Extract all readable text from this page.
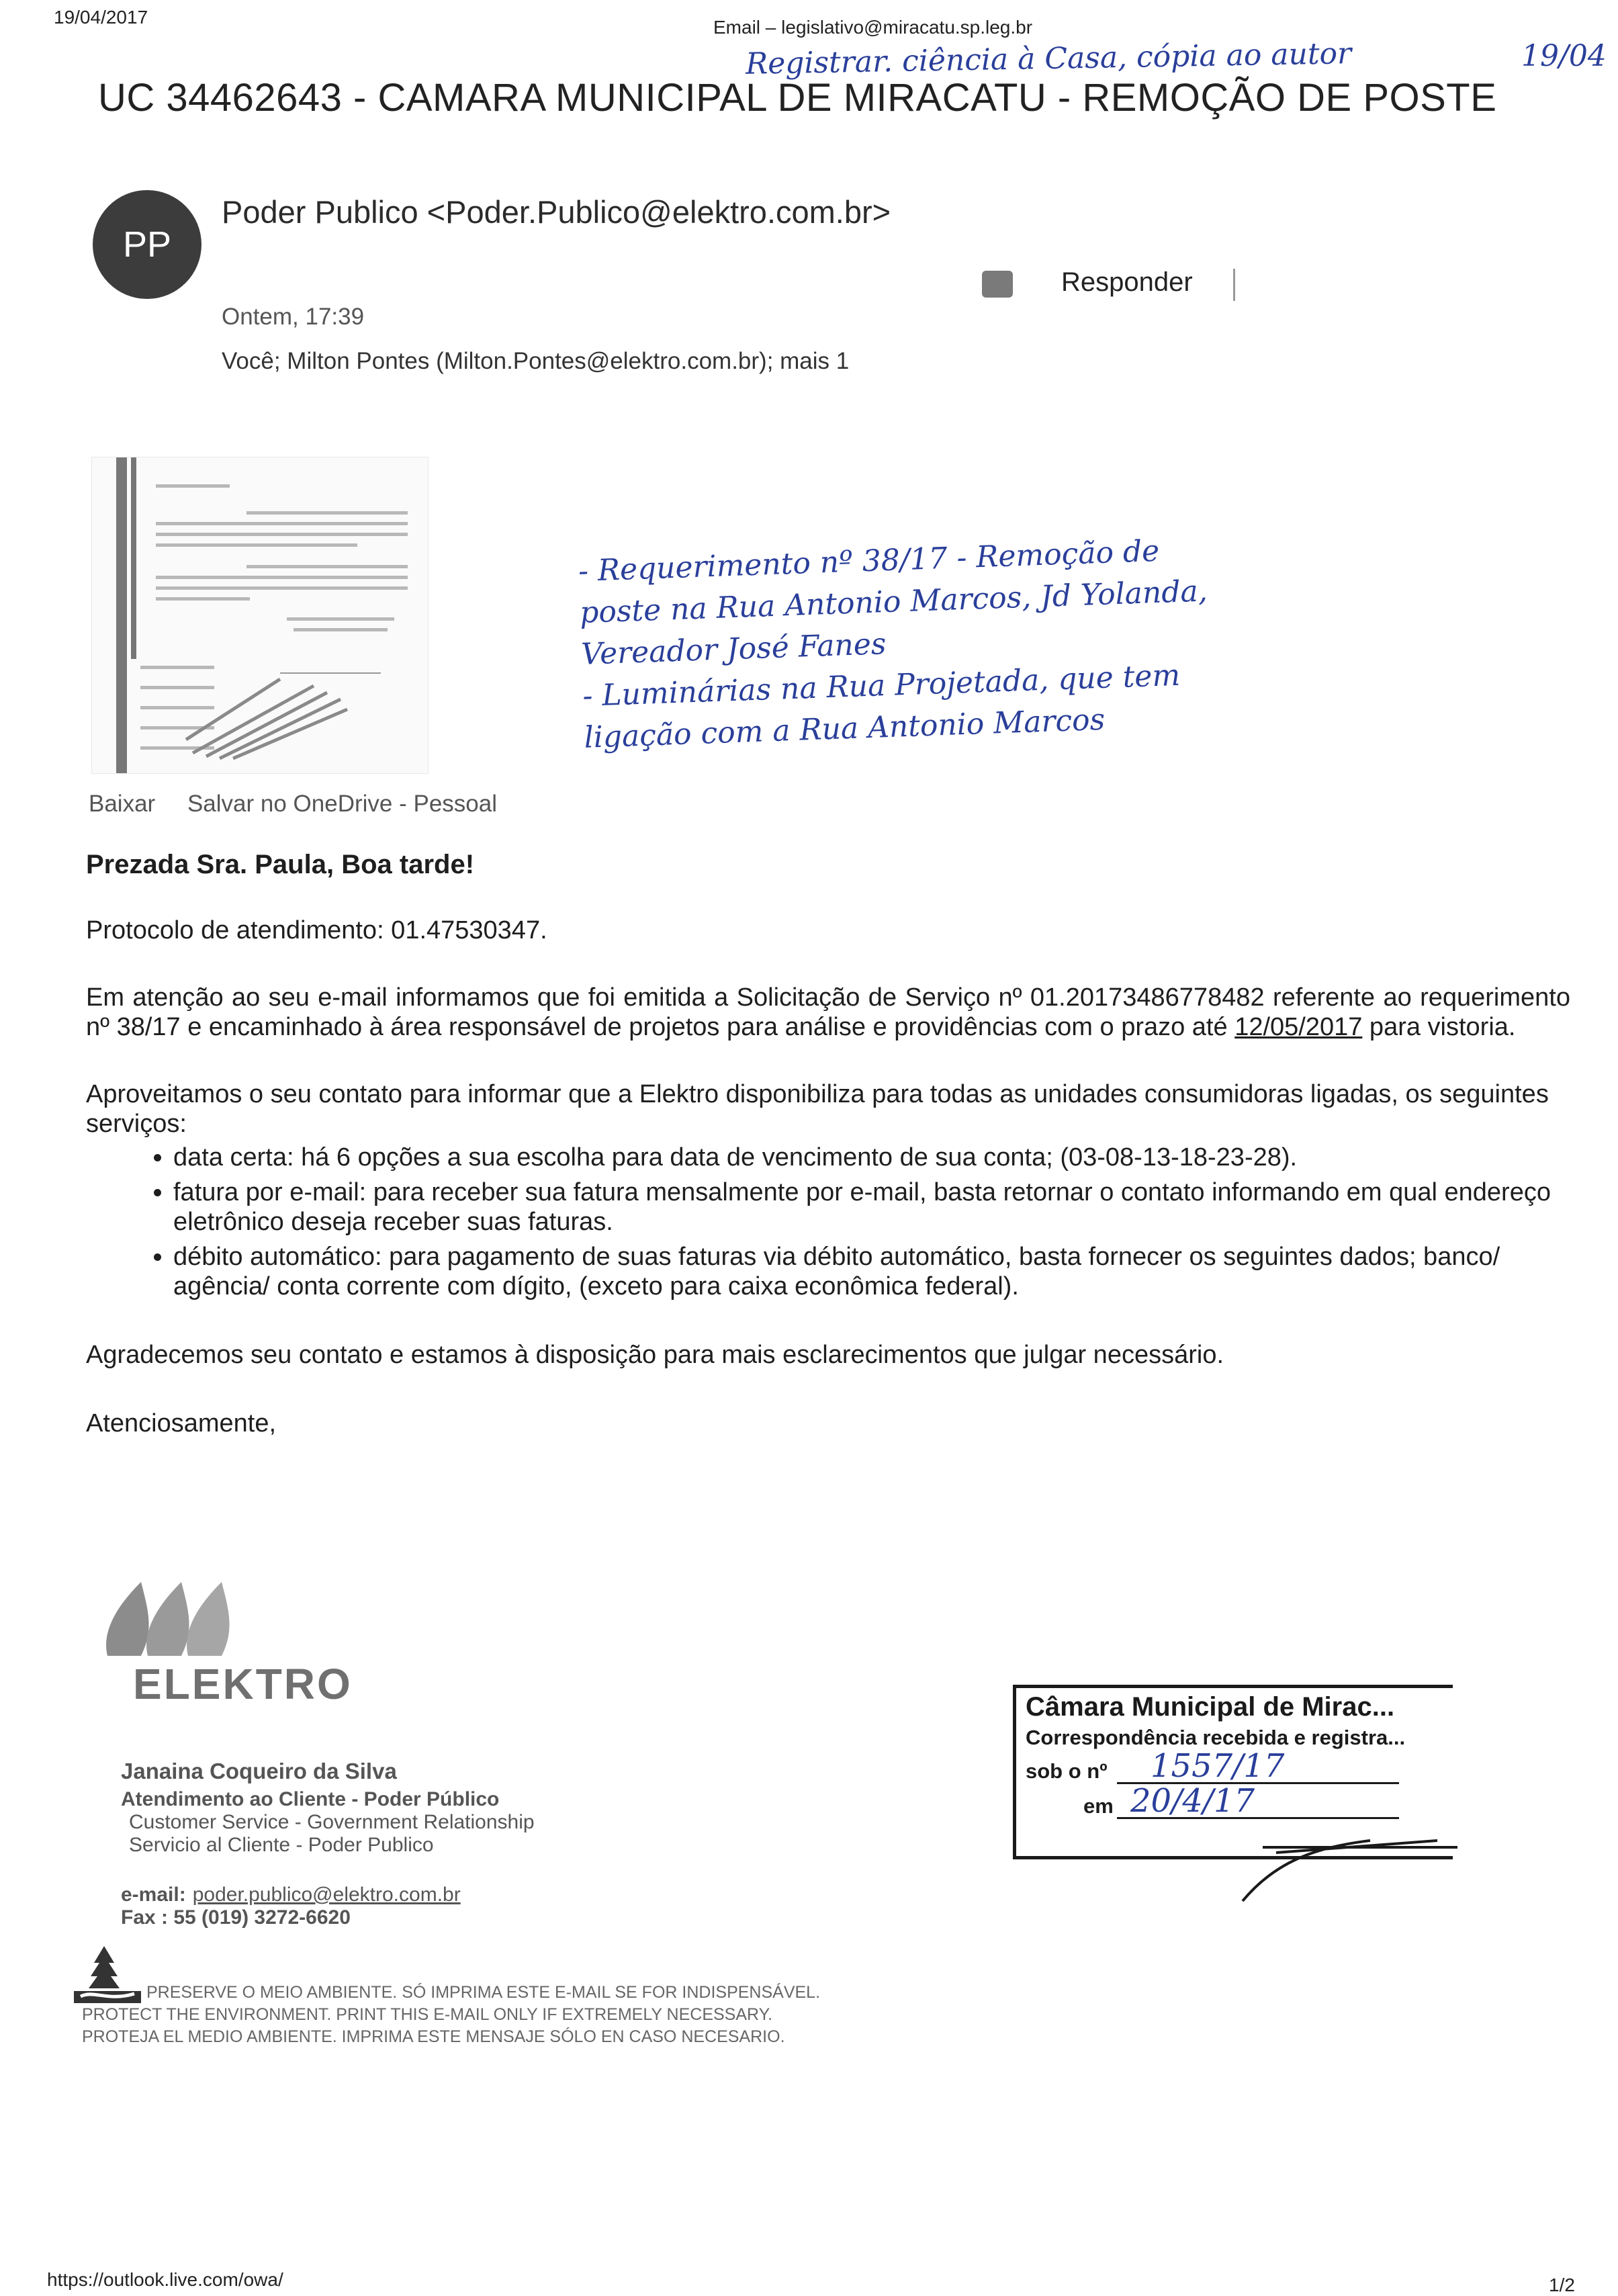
19/04/2017	Email – legislativo@miracatu.sp.leg.br
Registrar. ciência à Casa, cópia ao autor	19/04
UC 34462643 - CAMARA MUNICIPAL DE MIRACATU - REMOÇÃO DE POSTE
PP
Poder Publico <Poder.Publico@elektro.com.br>
Responder
Ontem, 17:39
Você; Milton Pontes (Milton.Pontes@elektro.com.br); mais 1
Baixar Salvar no OneDrive - Pessoal
- Requerimento nº 38/17 - Remoção de
poste na Rua Antonio Marcos, Jd Yolanda,
Vereador José Fanes
- Luminárias na Rua Projetada, que tem
ligação com a Rua Antonio Marcos

Prezada Sra. Paula, Boa tarde!

Protocolo de atendimento: 01.47530347.

Em atenção ao seu e-mail informamos que foi emitida a Solicitação de Serviço nº 01.20173486778482 referente ao requerimento nº 38/17 e encaminhado à área responsável de projetos para análise e providências com o prazo até 12/05/2017 para vistoria.

Aproveitamos o seu contato para informar que a Elektro disponibiliza para todas as unidades consumidoras ligadas, os seguintes serviços:

• data certa: há 6 opções a sua escolha para data de vencimento de sua conta; (03-08-13-18-23-28).
• fatura por e-mail: para receber sua fatura mensalmente por e-mail, basta retornar o contato informando em qual endereço eletrônico deseja receber suas faturas.
• débito automático: para pagamento de suas faturas via débito automático, basta fornecer os seguintes dados; banco/ agência/ conta corrente com dígito, (exceto para caixa econômica federal).

Agradecemos seu contato e estamos à disposição para mais esclarecimentos que julgar necessário.

Atenciosamente,

ELEKTRO
Janaina Coqueiro da Silva
Atendimento ao Cliente - Poder Público
Customer Service - Government Relationship
Servicio al Cliente - Poder Publico
e-mail: poder.publico@elektro.com.br
Fax : 55 (019) 3272-6620
PRESERVE O MEIO AMBIENTE. SÓ IMPRIMA ESTE E-MAIL SE FOR INDISPENSÁVEL.
PROTECT THE ENVIRONMENT. PRINT THIS E-MAIL ONLY IF EXTREMELY NECESSARY.
PROTEJA EL MEDIO AMBIENTE. IMPRIMA ESTE MENSAJE SÓLO EN CASO NECESARIO.
Câmara Municipal de Mirac...
Correspondência recebida e registra...
sob o nº 1557/17
em 20/4/17
https://outlook.live.com/owa/	1/2
